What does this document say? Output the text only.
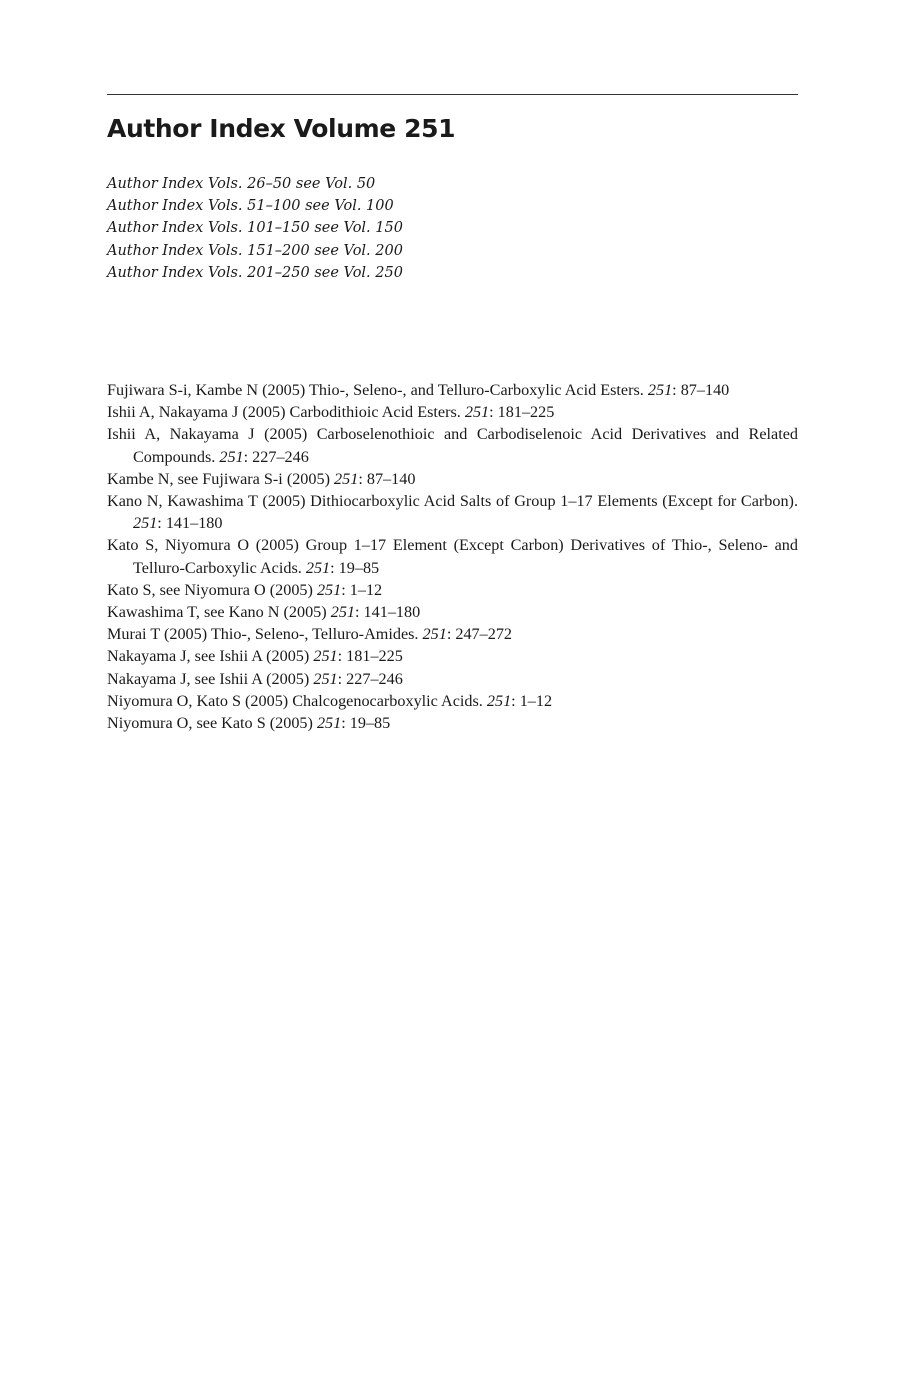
Author Index Volume 251
Author Index Vols. 26–50 see Vol. 50
Author Index Vols. 51–100 see Vol. 100
Author Index Vols. 101–150 see Vol. 150
Author Index Vols. 151–200 see Vol. 200
Author Index Vols. 201–250 see Vol. 250
Fujiwara S-i, Kambe N (2005) Thio-, Seleno-, and Telluro-Carboxylic Acid Esters. 251: 87–140
Ishii A, Nakayama J (2005) Carbodithioic Acid Esters. 251: 181–225
Ishii A, Nakayama J (2005) Carboselenothioic and Carbodiselenoic Acid Derivatives and Related Compounds. 251: 227–246
Kambe N, see Fujiwara S-i (2005) 251: 87–140
Kano N, Kawashima T (2005) Dithiocarboxylic Acid Salts of Group 1–17 Elements (Except for Carbon). 251: 141–180
Kato S, Niyomura O (2005) Group 1–17 Element (Except Carbon) Derivatives of Thio-, Seleno- and Telluro-Carboxylic Acids. 251: 19–85
Kato S, see Niyomura O (2005) 251: 1–12
Kawashima T, see Kano N (2005) 251: 141–180
Murai T (2005) Thio-, Seleno-, Telluro-Amides. 251: 247–272
Nakayama J, see Ishii A (2005) 251: 181–225
Nakayama J, see Ishii A (2005) 251: 227–246
Niyomura O, Kato S (2005) Chalcogenocarboxylic Acids. 251: 1–12
Niyomura O, see Kato S (2005) 251: 19–85
